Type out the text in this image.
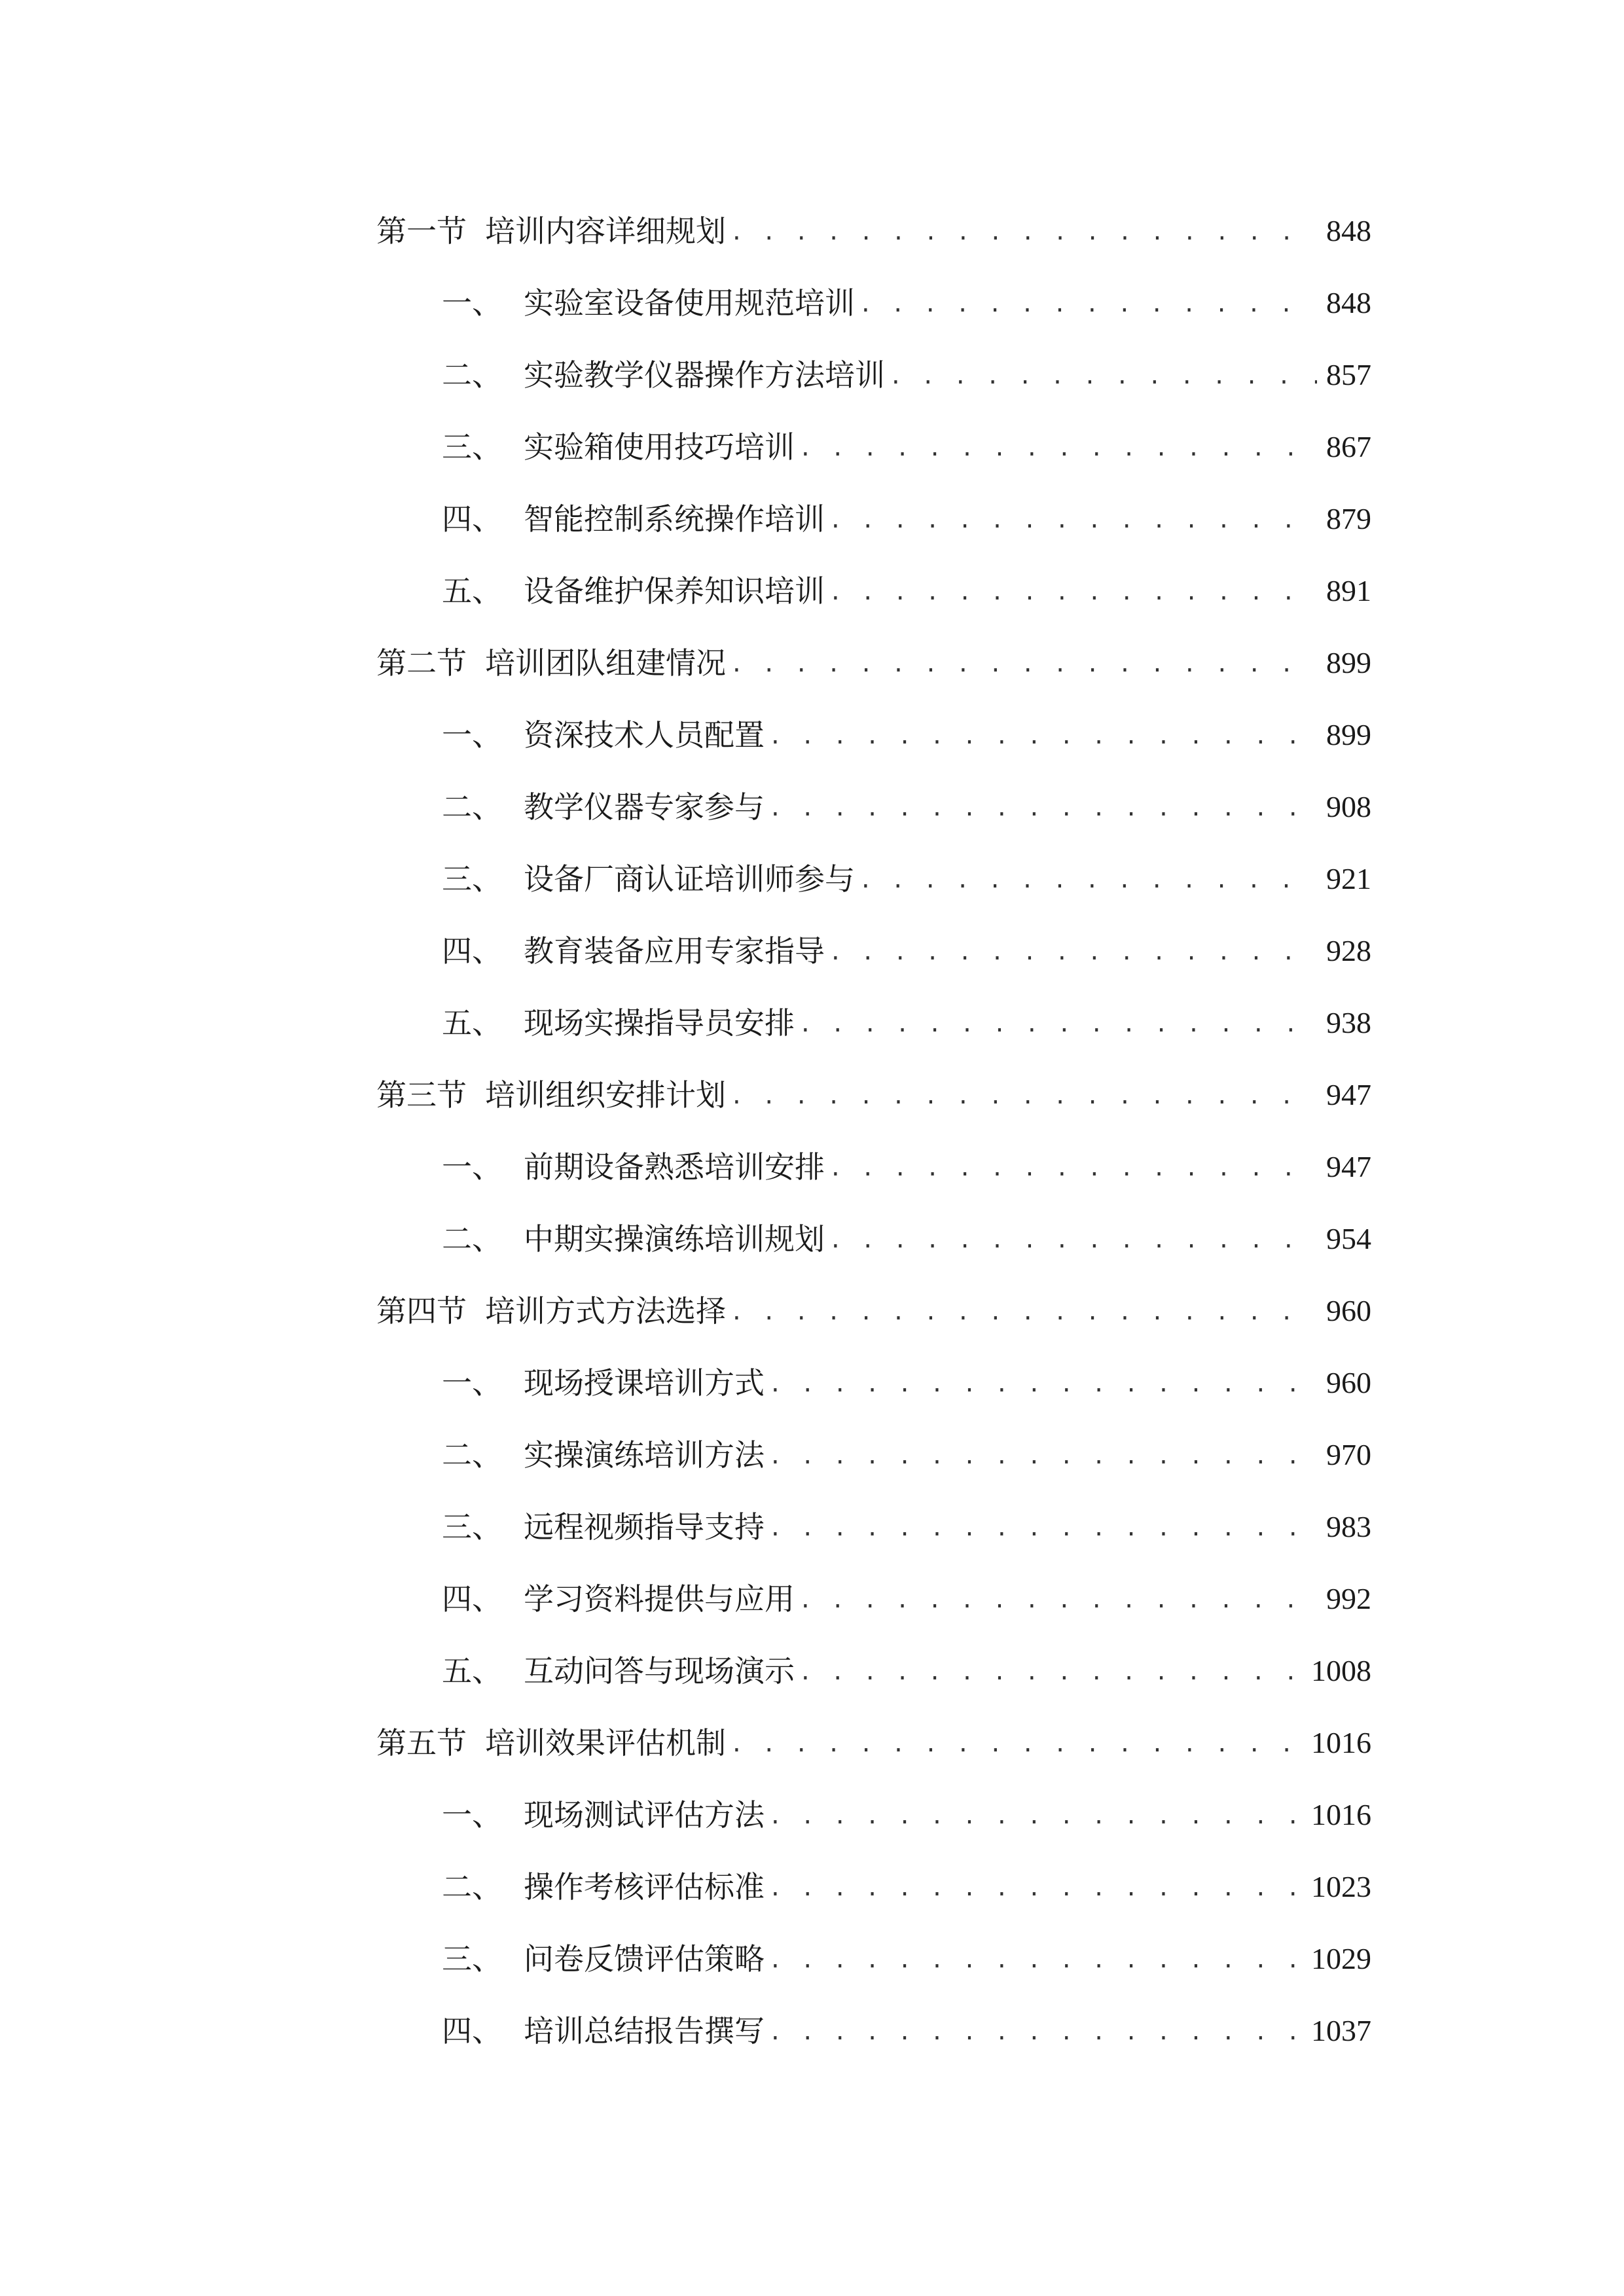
第一节 培训内容详细规划 . . .	848
一、 实验室设备使用规范培训 . . .	848
二、 实验教学仪器操作方法培训 . . .	857
三、 实验箱使用技巧培训 . . .	867
四、 智能控制系统操作培训 . . .	879
五、 设备维护保养知识培训 . . .	891
第二节 培训团队组建情况 . . .	899
一、 资深技术人员配置 . . .	899
二、 教学仪器专家参与 . . .	908
三、 设备厂商认证培训师参与 . . .	921
四、 教育装备应用专家指导 . . .	928
五、 现场实操指导员安排 . . .	938
第三节 培训组织安排计划 . . .	947
一、 前期设备熟悉培训安排 . . .	947
二、 中期实操演练培训规划 . . .	954
第四节 培训方式方法选择 . . .	960
一、 现场授课培训方式 . . .	960
二、 实操演练培训方法 . . .	970
三、 远程视频指导支持 . . .	983
四、 学习资料提供与应用 . . .	992
五、 互动问答与现场演示 . . .	1008
第五节 培训效果评估机制 . . .	1016
一、 现场测试评估方法 . . .	1016
二、 操作考核评估标准 . . .	1023
三、 问卷反馈评估策略 . . .	1029
四、 培训总结报告撰写 . . .	1037
